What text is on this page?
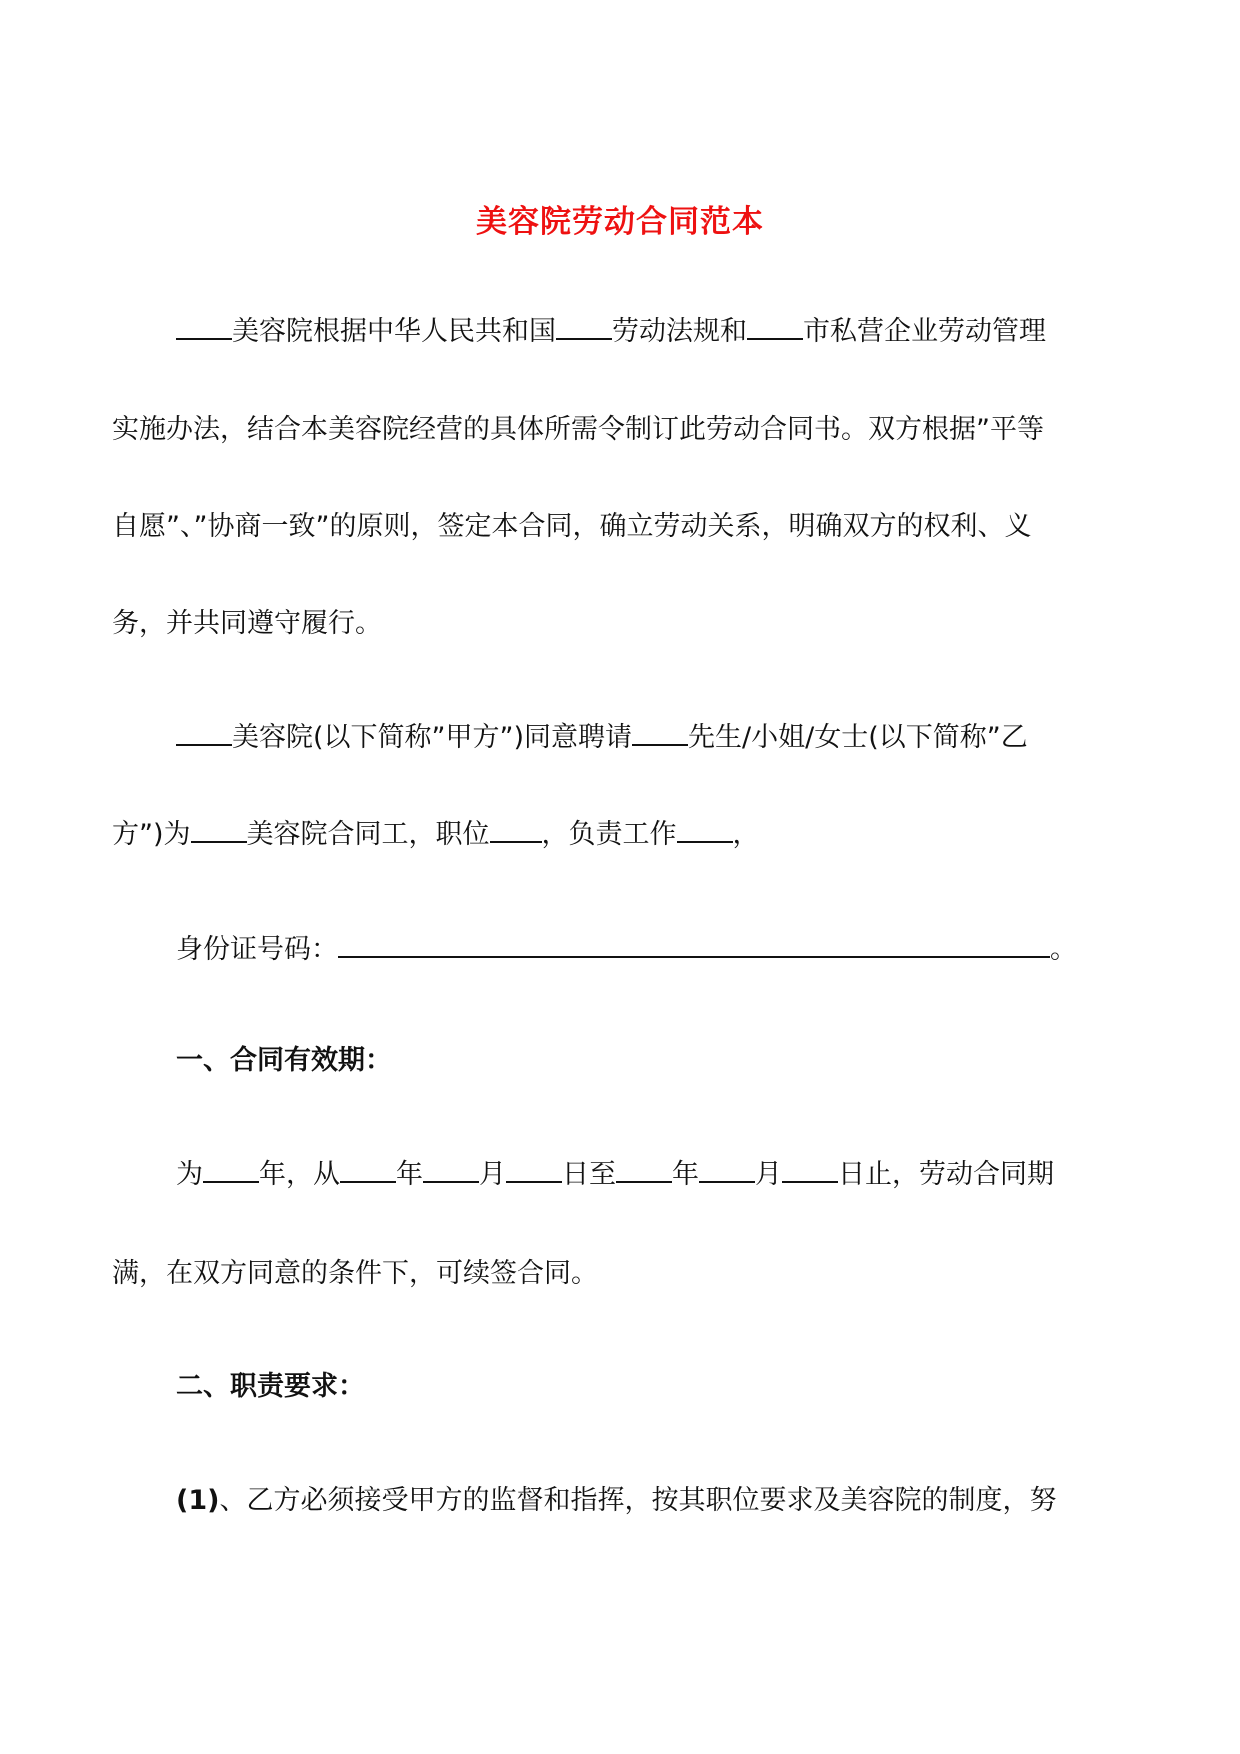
美容院劳动合同范本
美容院根据中华人民共和国 劳动法规和 市私营企业劳动管理
实施办法，结合本美容院经营的具体所需令制订此劳动合同书。双方根据”平等
自愿”、”协商一致”的原则，签定本合同，确立劳动关系，明确双方的权利、义
务，并共同遵守履行。
美容院(以下简称”甲方”)同意聘请 先生/小姐/女士(以下简称”乙
方”)为 美容院合同工，职位 ，负责工作 ，
身份证号码：	。
一、合同有效期：
为 年，从 年 月 日至 年 月 日止，劳动合同期
满，在双方同意的条件下，可续签合同。
二、职责要求：
(1)、乙方必须接受甲方的监督和指挥，按其职位要求及美容院的制度，努
